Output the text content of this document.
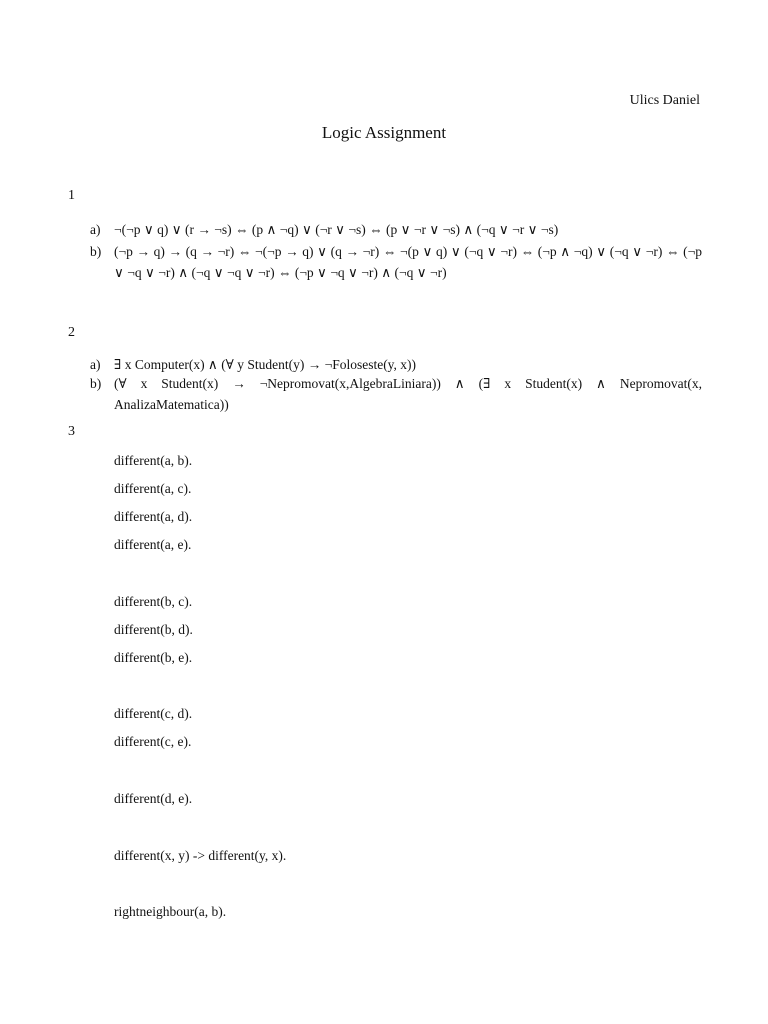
Ulics Daniel
Logic Assignment
1
a)	¬(¬p ∨ q) ∨ (r → ¬s) ⇔ (p ∧ ¬q) ∨ (¬r ∨ ¬s) ⇔ (p ∨ ¬r ∨ ¬s) ∧ (¬q ∨ ¬r ∨ ¬s)
b) (¬p → q) → (q → ¬r) ⇔ ¬(¬p → q) ∨ (q → ¬r) ⇔ ¬(p ∨ q) ∨ (¬q ∨ ¬r) ⇔ (¬p ∧ ¬q) ∨ (¬q ∨ ¬r) ⇔ (¬p ∨ ¬q ∨ ¬r) ∧ (¬q ∨ ¬q ∨ ¬r) ⇔ (¬p ∨ ¬q ∨ ¬r) ∧ (¬q ∨ ¬r)
2
a)	∃ x Computer(x) ∧ (∀ y Student(y) → ¬Foloseste(y, x))
b) (∀ x Student(x) → ¬Nepromovat(x,AlgebraLiniara)) ∧ (∃ x Student(x) ∧ Nepromovat(x, AnalizaMatematica))
3
different(a, b).
different(a, c).
different(a, d).
different(a, e).
different(b, c).
different(b, d).
different(b, e).
different(c, d).
different(c, e).
different(d, e).
different(x, y) -> different(y, x).
rightneighbour(a, b).
